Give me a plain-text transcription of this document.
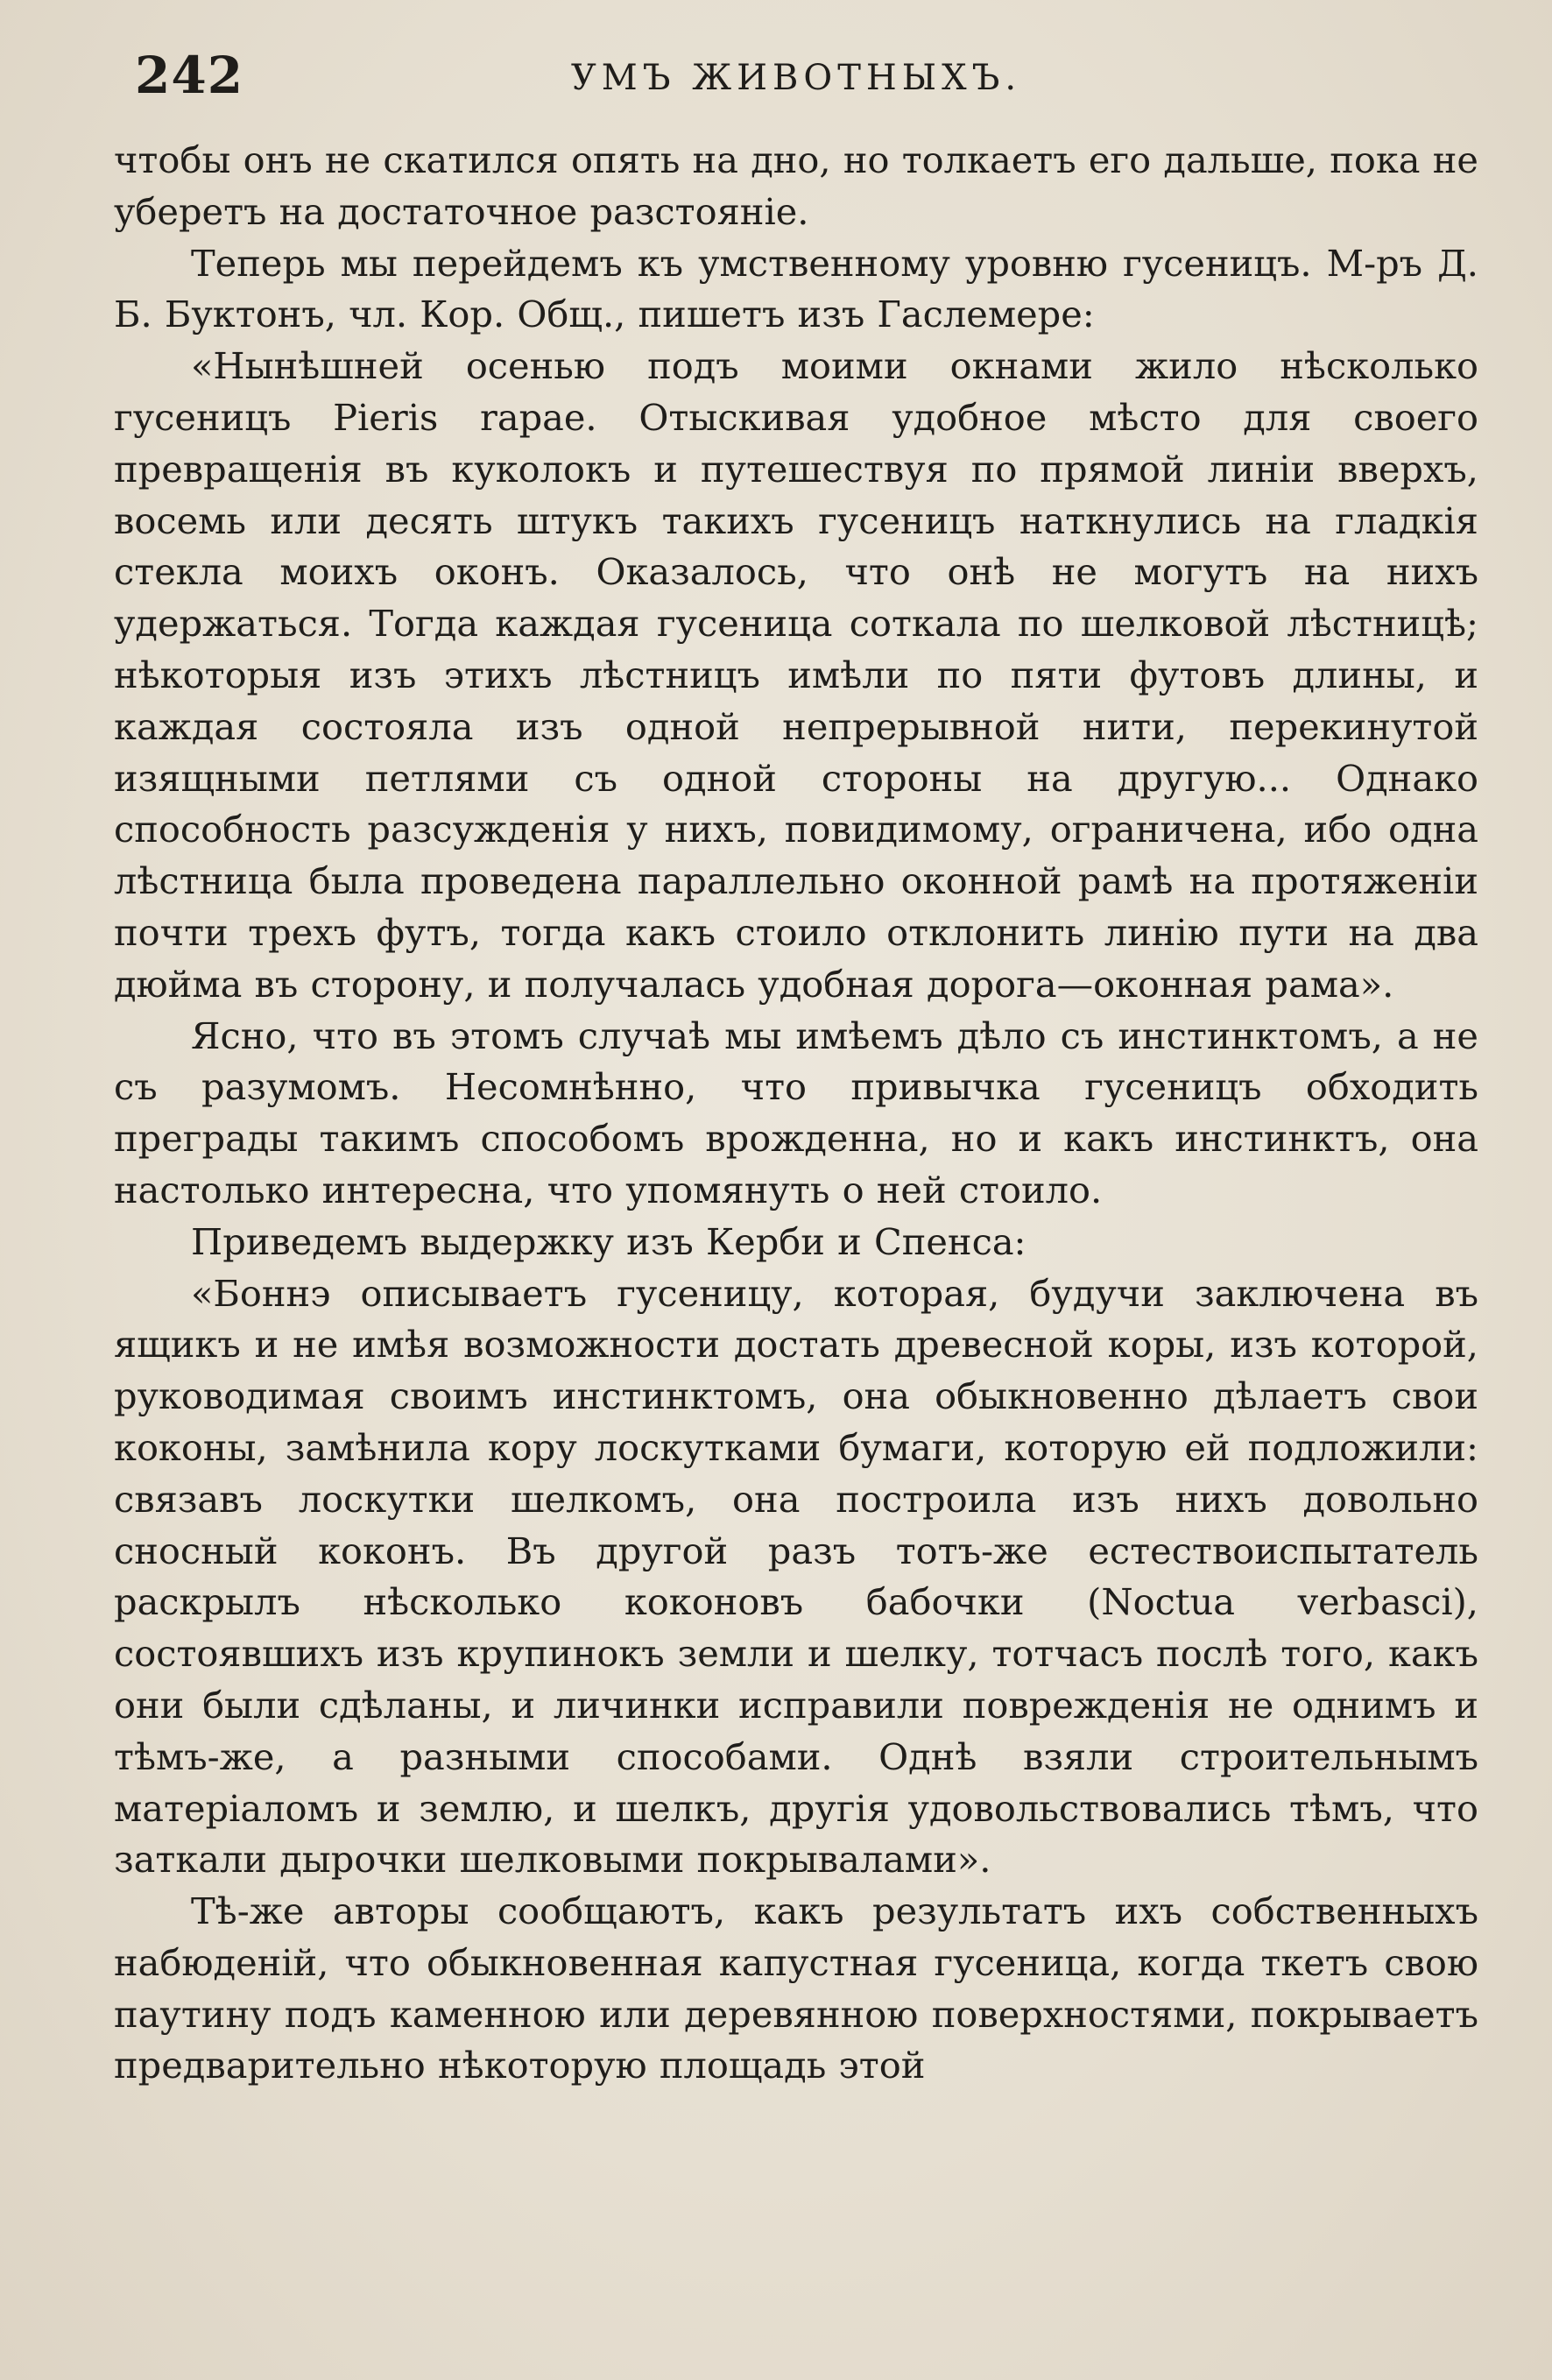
242	УМЪ ЖИВОТНЫХЪ.

чтобы онъ не скатился опять на дно, но толкаетъ его дальше, пока не уберетъ на достаточное разстояніе.

Теперь мы перейдемъ къ умственному уровню гусеницъ. М-ръ Д. Б. Буктонъ, чл. Кор. Общ., пишетъ изъ Гаслемере:

«Нынѣшней осенью подъ моими окнами жило нѣсколько гусеницъ Pieris rapae. Отыскивая удобное мѣсто для своего превращенія въ куколокъ и путешествуя по прямой линіи вверхъ, восемь или десять штукъ такихъ гусеницъ наткнулись на гладкія стекла моихъ оконъ. Оказалось, что онѣ не могутъ на нихъ удержаться. Тогда каждая гусеница соткала по шелковой лѣстницѣ; нѣкоторыя изъ этихъ лѣстницъ имѣли по пяти футовъ длины, и каждая состояла изъ одной непрерывной нити, перекинутой изящными петлями съ одной стороны на другую... Однако способность разсужденія у нихъ, повидимому, ограничена, ибо одна лѣстница была проведена параллельно оконной рамѣ на протяженіи почти трехъ футъ, тогда какъ стоило отклонить линію пути на два дюйма въ сторону, и получалась удобная дорога—оконная рама».

Ясно, что въ этомъ случаѣ мы имѣемъ дѣло съ инстинктомъ, а не съ разумомъ. Несомнѣнно, что привычка гусеницъ обходить преграды такимъ способомъ врожденна, но и какъ инстинктъ, она настолько интересна, что упомянуть о ней стоило.

Приведемъ выдержку изъ Керби и Спенса:

«Боннэ описываетъ гусеницу, которая, будучи заключена въ ящикъ и не имѣя возможности достать древесной коры, изъ которой, руководимая своимъ инстинктомъ, она обыкновенно дѣлаетъ свои коконы, замѣнила кору лоскутками бумаги, которую ей подложили: связавъ лоскутки шелкомъ, она построила изъ нихъ довольно сносный коконъ. Въ другой разъ тотъ-же естествоиспытатель раскрылъ нѣсколько коконовъ бабочки (Noctua verbasci), состоявшихъ изъ крупинокъ земли и шелку, тотчасъ послѣ того, какъ они были сдѣланы, и личинки исправили поврежденія не однимъ и тѣмъ-же, а разными способами. Однѣ взяли строительнымъ матеріаломъ и землю, и шелкъ, другія удовольствовались тѣмъ, что заткали дырочки шелковыми покрывалами».

Тѣ-же авторы сообщаютъ, какъ результатъ ихъ собственныхъ набюденій, что обыкновенная капустная гусеница, когда ткетъ свою паутину подъ каменною или деревянною поверхностями, покрываетъ предварительно нѣкоторую площадь этой
